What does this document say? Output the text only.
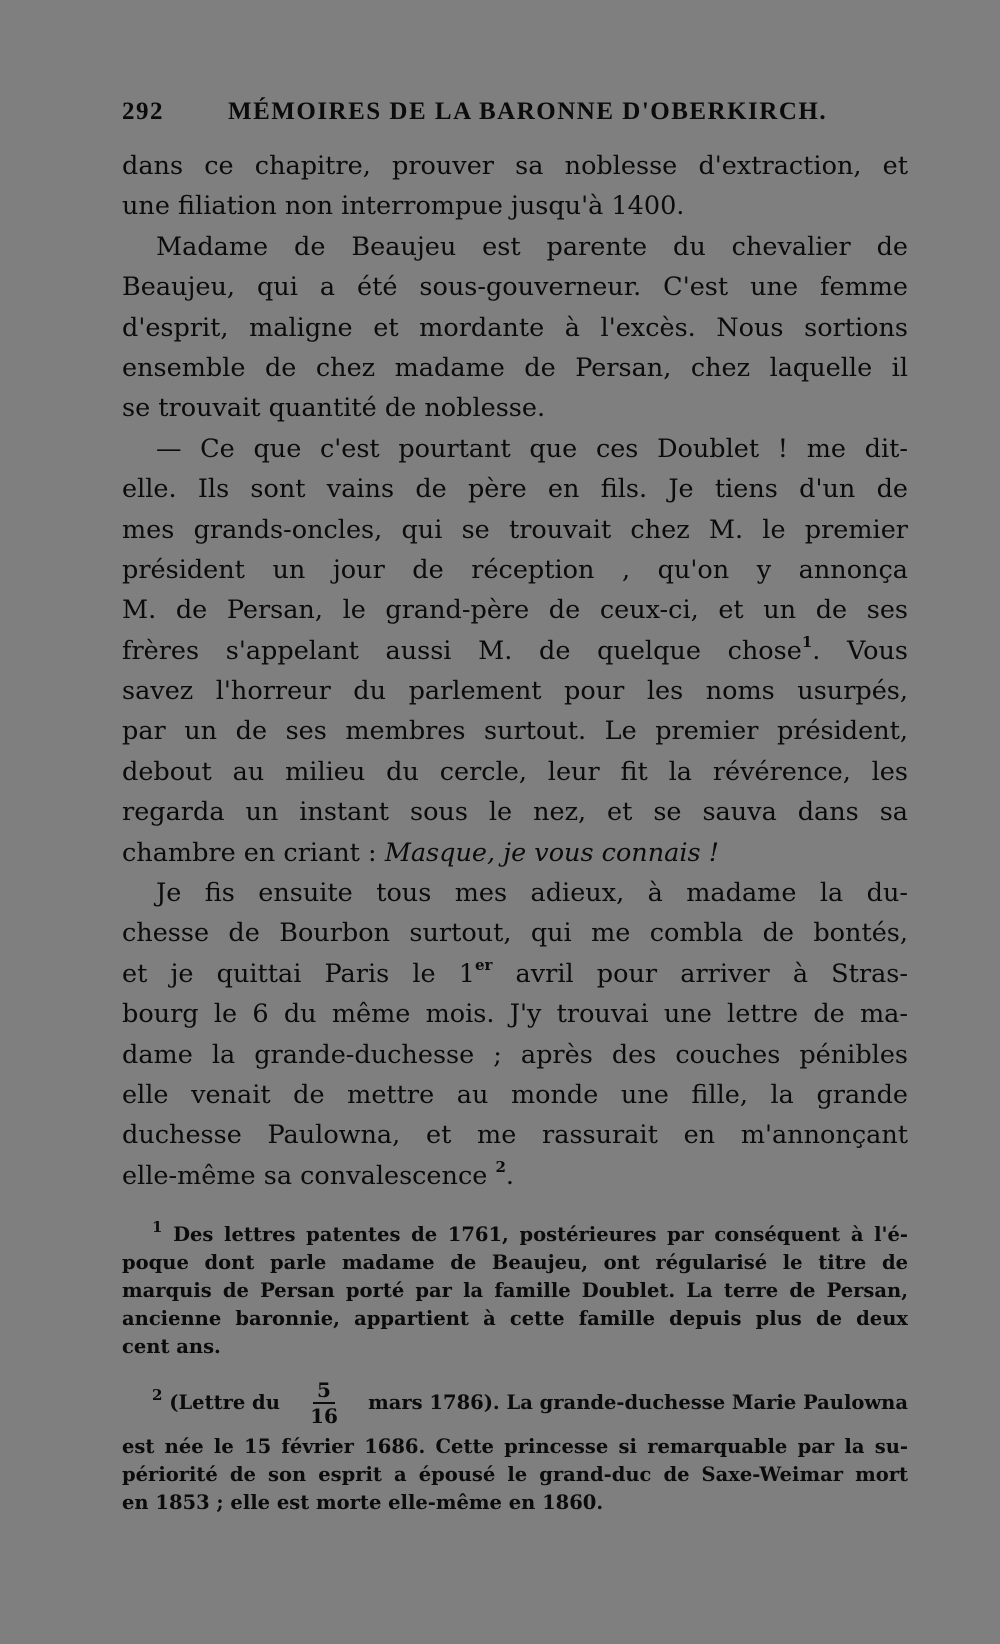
292	MÉMOIRES DE LA BARONNE D'OBERKIRCH.
dans ce chapitre, prouver sa noblesse d'extraction, et
une filiation non interrompue jusqu'à 1400.
Madame de Beaujeu est parente du chevalier de
Beaujeu, qui a été sous-gouverneur. C'est une femme
d'esprit, maligne et mordante à l'excès. Nous sortions
ensemble de chez madame de Persan, chez laquelle il
se trouvait quantité de noblesse.
— Ce que c'est pourtant que ces Doublet ! me dit-
elle. Ils sont vains de père en fils. Je tiens d'un de
mes grands-oncles, qui se trouvait chez M. le premier
président un jour de réception , qu'on y annonça
M. de Persan, le grand-père de ceux-ci, et un de ses
frères s'appelant aussi M. de quelque chose$^1$. Vous
savez l'horreur du parlement pour les noms usurpés,
par un de ses membres surtout. Le premier président,
debout au milieu du cercle, leur fit la révérence, les
regarda un instant sous le nez, et se sauva dans sa
chambre en criant : Masque, je vous connais !
Je fis ensuite tous mes adieux, à madame la du-
chesse de Bourbon surtout, qui me combla de bontés,
et je quittai Paris le 1er avril pour arriver à Stras-
bourg le 6 du même mois. J'y trouvai une lettre de ma-
dame la grande-duchesse ; après des couches pénibles
elle venait de mettre au monde une fille, la grande
duchesse Paulowna, et me rassurait en m'annonçant
elle-même sa convalescence $^2$.
$^1$ Des lettres patentes de 1761, postérieures par conséquent à l'é-
poque dont parle madame de Beaujeu, ont régularisé le titre de
marquis de Persan porté par la famille Doublet. La terre de Persan,
ancienne baronnie, appartient à cette famille depuis plus de deux
cent ans.
$^2$ (Lettre du $\frac{5}{16}$ mars 1786). La grande-duchesse Marie Paulowna
est née le 15 février 1686. Cette princesse si remarquable par la su-
périorité de son esprit a épousé le grand-duc de Saxe-Weimar mort
en 1853 ; elle est morte elle-même en 1860.
